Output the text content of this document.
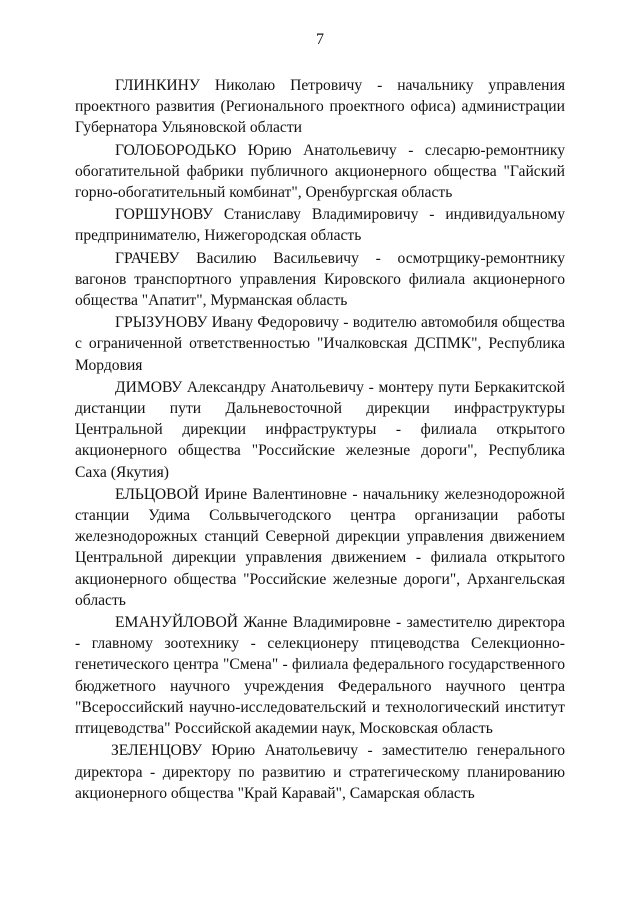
7

ГЛИНКИНУ Николаю Петровичу - начальнику управления проектного развития (Регионального проектного офиса) администрации Губернатора Ульяновской области

ГОЛОБОРОДЬКО Юрию Анатольевичу - слесарю-ремонтнику обогатительной фабрики публичного акционерного общества "Гайский горно-обогатительный комбинат", Оренбургская область

ГОРШУНОВУ Станиславу Владимировичу - индивидуальному предпринимателю, Нижегородская область

ГРАЧЕВУ Василию Васильевичу - осмотрщику-ремонтнику вагонов транспортного управления Кировского филиала акционерного общества "Апатит", Мурманская область

ГРЫЗУНОВУ Ивану Федоровичу - водителю автомобиля общества с ограниченной ответственностью "Ичалковская ДСПМК", Республика Мордовия

ДИМОВУ Александру Анатольевичу - монтеру пути Беркакитской дистанции пути Дальневосточной дирекции инфраструктуры Центральной дирекции инфраструктуры - филиала открытого акционерного общества "Российские железные дороги", Республика Саха (Якутия)

ЕЛЬЦОВОЙ Ирине Валентиновне - начальнику железнодорожной станции Удима Сольвычегодского центра организации работы железнодорожных станций Северной дирекции управления движением Центральной дирекции управления движением - филиала открытого акционерного общества "Российские железные дороги", Архангельская область

ЕМАНУЙЛОВОЙ Жанне Владимировне - заместителю директора - главному зоотехнику - селекционеру птицеводства Селекционно-генетического центра "Смена" - филиала федерального государственного бюджетного научного учреждения Федерального научного центра "Всероссийский научно-исследовательский и технологический институт птицеводства" Российской академии наук, Московская область

ЗЕЛЕНЦОВУ Юрию Анатольевичу - заместителю генерального директора - директору по развитию и стратегическому планированию акционерного общества "Край Каравай", Самарская область
